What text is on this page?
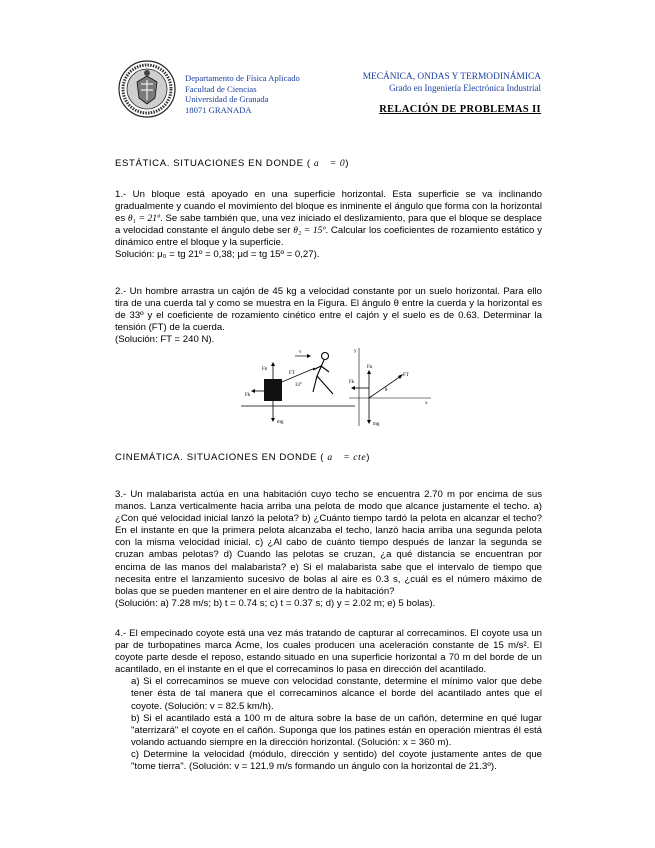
Departamento de Física Aplicado
Facultad de Ciencias
Universidad de Granada
18071 GRANADA
MECÁNICA, ONDAS Y TERMODINÁMICA
Grado en Ingeniería Electrónica Industrial
RELACIÓN DE PROBLEMAS II
ESTÁTICA. SITUACIONES EN DONDE ( a⃗ = 0)

1.- Un bloque está apoyado en una superficie horizontal. Esta superficie se va inclinando gradualmente y cuando el movimiento del bloque es inminente el ángulo que forma con la horizontal es θ₁ = 21º. Se sabe también que, una vez iniciado el deslizamiento, para que el bloque se desplace a velocidad constante el ángulo debe ser θ₂ = 15º. Calcular los coeficientes de rozamiento estático y dinámico entre el bloque y la superficie.

Solución: μ₀ = tg 21º = 0,38; μd = tg 15º = 0,27).

2.- Un hombre arrastra un cajón de 45 kg a velocidad constante por un suelo horizontal. Para ello tira de una cuerda tal y como se muestra en la Figura. El ángulo θ entre la cuerda y la horizontal es de 33º y el coeficiente de rozamiento cinético entre el cajón y el suelo es de 0.63. Determinar la tensión (FT) de la cuerda.

(Solución: FT = 240 N).

Fn
Fk
mg
FT
33°
v	y
x
Fn
FT
θ
Fk
mg
CINEMÁTICA. SITUACIONES EN DONDE ( a⃗ = cte)

3.- Un malabarista actúa en una habitación cuyo techo se encuentra 2.70 m por encima de sus manos. Lanza verticalmente hacia arriba una pelota de modo que alcance justamente el techo. a) ¿Con qué velocidad inicial lanzó la pelota? b) ¿Cuánto tiempo tardó la pelota en alcanzar el techo? En el instante en que la primera pelota alcanzaba el techo, lanzó hacia arriba una segunda pelota con la misma velocidad inicial. c) ¿Al cabo de cuánto tiempo después de lanzar la segunda se cruzan ambas pelotas? d) Cuando las pelotas se cruzan, ¿a qué distancia se encuentran por encima de las manos del malabarista? e) Si el malabarista sabe que el intervalo de tiempo que necesita entre el lanzamiento sucesivo de bolas al aire es 0.3 s, ¿cuál es el número máximo de bolas que se pueden mantener en el aire dentro de la habitación?

(Solución: a) 7.28 m/s; b) t = 0.74 s; c) t = 0.37 s; d) y = 2.02 m; e) 5 bolas).

4.- El empecinado coyote está una vez más tratando de capturar al correcaminos. El coyote usa un par de turbopatines marca Acme, los cuales producen una aceleración constante de 15 m/s². El coyote parte desde el reposo, estando situado en una superficie horizontal a 70 m del borde de un acantilado, en el instante en el que el correcaminos lo pasa en dirección del acantilado.

a) Si el correcaminos se mueve con velocidad constante, determine el mínimo valor que debe tener ésta de tal manera que el correcaminos alcance el borde del acantilado antes que el coyote. (Solución: v = 82.5 km/h).

b) Si el acantilado está a 100 m de altura sobre la base de un cañón, determine en qué lugar "aterrizará" el coyote en el cañón. Suponga que los patines están en operación mientras él está volando actuando siempre en la dirección horizontal. (Solución: x = 360 m).

c) Determine la velocidad (módulo, dirección y sentido) del coyote justamente antes de que "tome tierra". (Solución: v = 121.9 m/s formando un ángulo con la horizontal de 21.3º).
